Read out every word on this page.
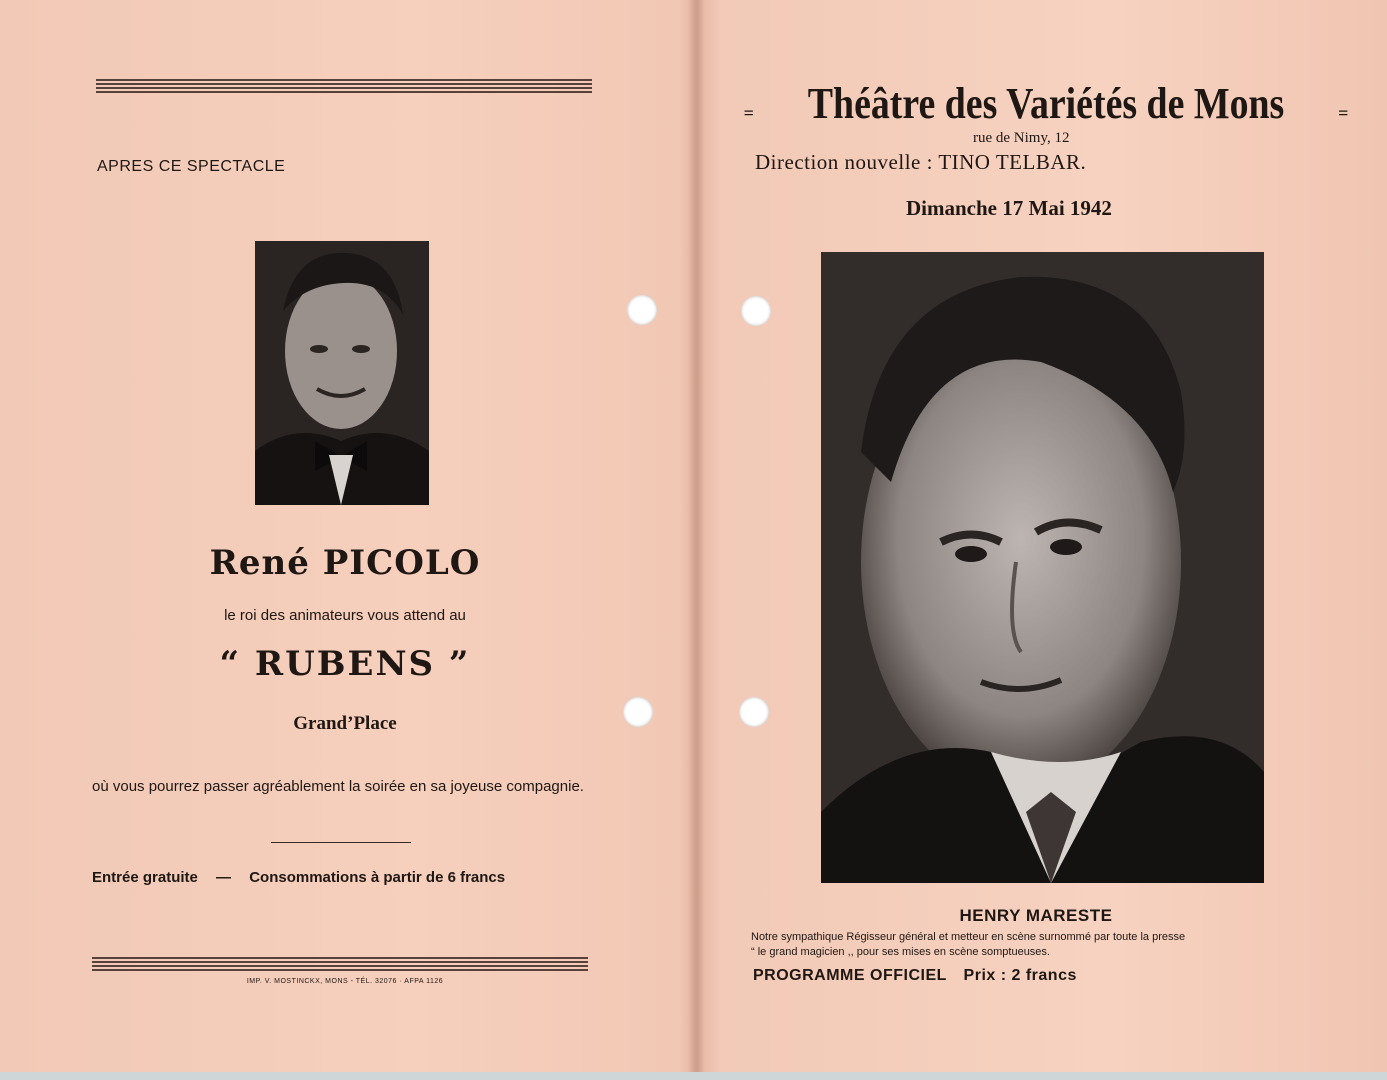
APRES CE SPECTACLE
René PICOLO
le roi des animateurs vous attend au
“ RUBENS ”
Grand’Place
où vous pourrez passer agréablement la soirée en sa joyeuse compagnie.
Entrée gratuite — Consommations à partir de 6 francs
IMP. V. MOSTINCKX, MONS - TÉL. 32076 · AFPA 1126
= Théâtre des Variétés de Mons	=
rue de Nimy, 12
Direction nouvelle : TINO TELBAR.
Dimanche 17 Mai 1942
HENRY MARESTE
Notre sympathique Régisseur général et metteur en scène surnommé par toute la presse
“ le grand magicien ,, pour ses mises en scène somptueuses.
PROGRAMME OFFICIEL Prix : 2 francs
